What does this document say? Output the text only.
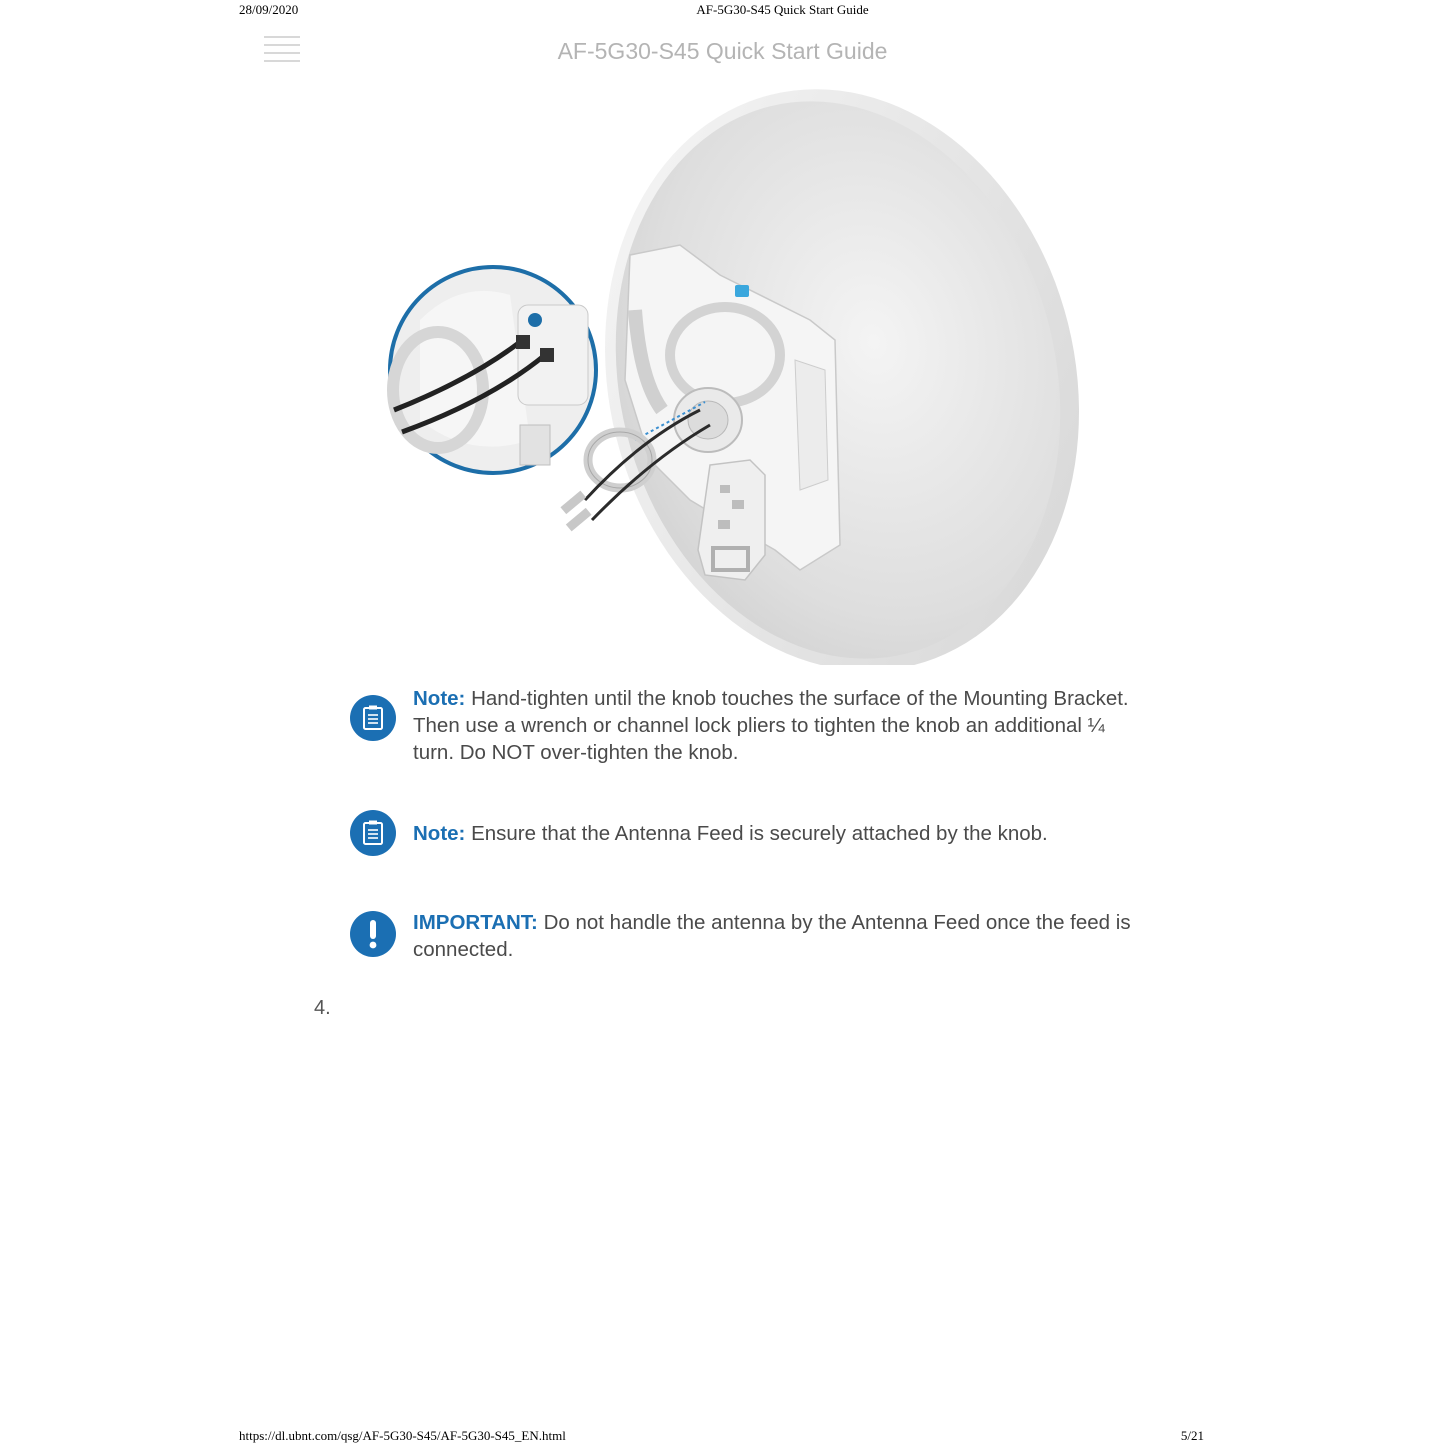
28/09/2020	AF-5G30-S45 Quick Start Guide
AF-5G30-S45 Quick Start Guide
Note: Hand-tighten until the knob touches the surface of the Mounting Bracket. Then use a wrench or channel lock pliers to tighten the knob an additional ¼ turn. Do NOT over-tighten the knob.
Note: Ensure that the Antenna Feed is securely attached by the knob.
IMPORTANT: Do not handle the antenna by the Antenna Feed once the feed is connected.
4.
https://dl.ubnt.com/qsg/AF-5G30-S45/AF-5G30-S45_EN.html	5/21
